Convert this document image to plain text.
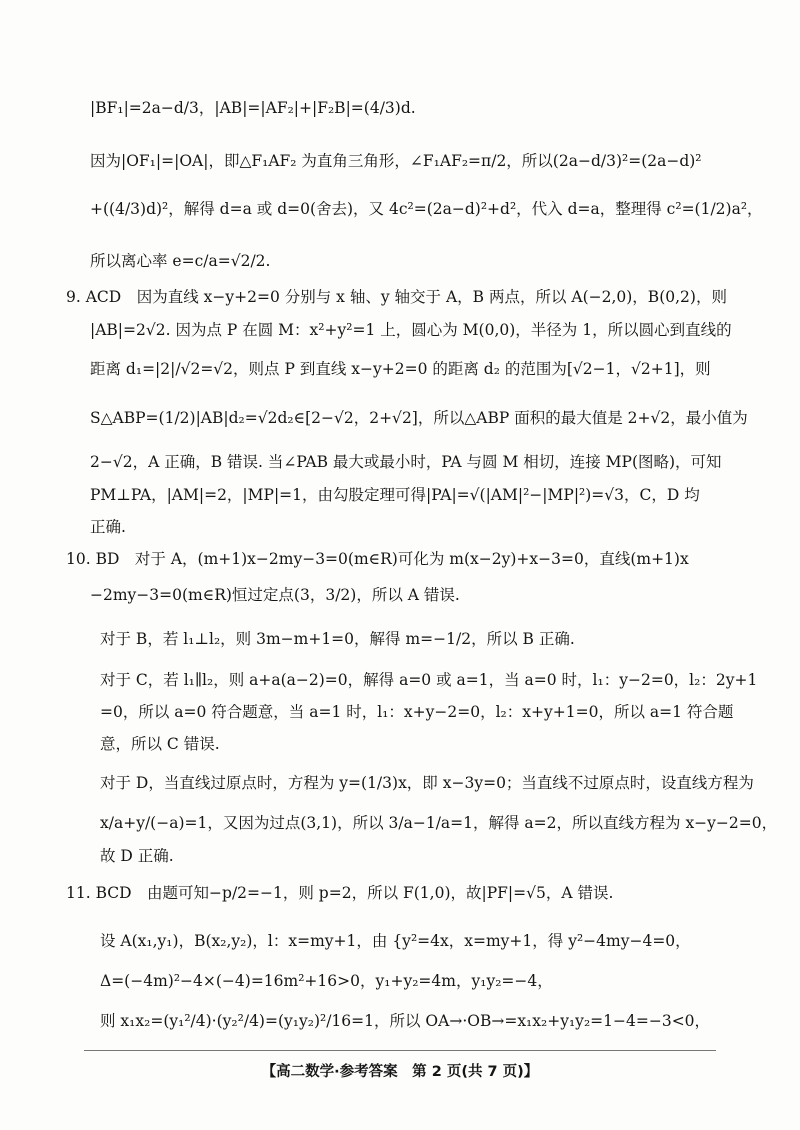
|BF₁|=2a−d/3，|AB|=|AF₂|+|F₂B|=(4/3)d.
因为|OF₁|=|OA|，即△F₁AF₂ 为直角三角形，∠F₁AF₂=π/2，所以(2a−d/3)²=(2a−d)²
+((4/3)d)²，解得 d=a 或 d=0(舍去)，又 4c²=(2a−d)²+d²，代入 d=a，整理得 c²=(1/2)a²，
所以离心率 e=c/a=√2/2.
9. ACD　因为直线 x−y+2=0 分别与 x 轴、y 轴交于 A，B 两点，所以 A(−2,0)，B(0,2)，则
|AB|=2√2. 因为点 P 在圆 M：x²+y²=1 上，圆心为 M(0,0)，半径为 1，所以圆心到直线的
距离 d₁=|2|/√2=√2，则点 P 到直线 x−y+2=0 的距离 d₂ 的范围为[√2−1，√2+1]，则
S△ABP=(1/2)|AB|d₂=√2d₂∈[2−√2，2+√2]，所以△ABP 面积的最大值是 2+√2，最小值为
2−√2，A 正确，B 错误. 当∠PAB 最大或最小时，PA 与圆 M 相切，连接 MP(图略)，可知
PM⊥PA，|AM|=2，|MP|=1，由勾股定理可得|PA|=√(|AM|²−|MP|²)=√3，C，D 均
正确.
10. BD　对于 A，(m+1)x−2my−3=0(m∈R)可化为 m(x−2y)+x−3=0，直线(m+1)x
−2my−3=0(m∈R)恒过定点(3，3/2)，所以 A 错误.
对于 B，若 l₁⊥l₂，则 3m−m+1=0，解得 m=−1/2，所以 B 正确.
对于 C，若 l₁∥l₂，则 a+a(a−2)=0，解得 a=0 或 a=1，当 a=0 时，l₁：y−2=0，l₂：2y+1
=0，所以 a=0 符合题意，当 a=1 时，l₁：x+y−2=0，l₂：x+y+1=0，所以 a=1 符合题
意，所以 C 错误.
对于 D，当直线过原点时，方程为 y=(1/3)x，即 x−3y=0；当直线不过原点时，设直线方程为
x/a+y/(−a)=1，又因为过点(3,1)，所以 3/a−1/a=1，解得 a=2，所以直线方程为 x−y−2=0，
故 D 正确.
11. BCD　由题可知−p/2=−1，则 p=2，所以 F(1,0)，故|PF|=√5，A 错误.
设 A(x₁,y₁)，B(x₂,y₂)，l：x=my+1，由 {y²=4x，x=my+1，得 y²−4my−4=0，
Δ=(−4m)²−4×(−4)=16m²+16>0，y₁+y₂=4m，y₁y₂=−4，
则 x₁x₂=(y₁²/4)·(y₂²/4)=(y₁y₂)²/16=1，所以 OA→·OB→=x₁x₂+y₁y₂=1−4=−3<0，
【高二数学·参考答案　第 2 页(共 7 页)】
